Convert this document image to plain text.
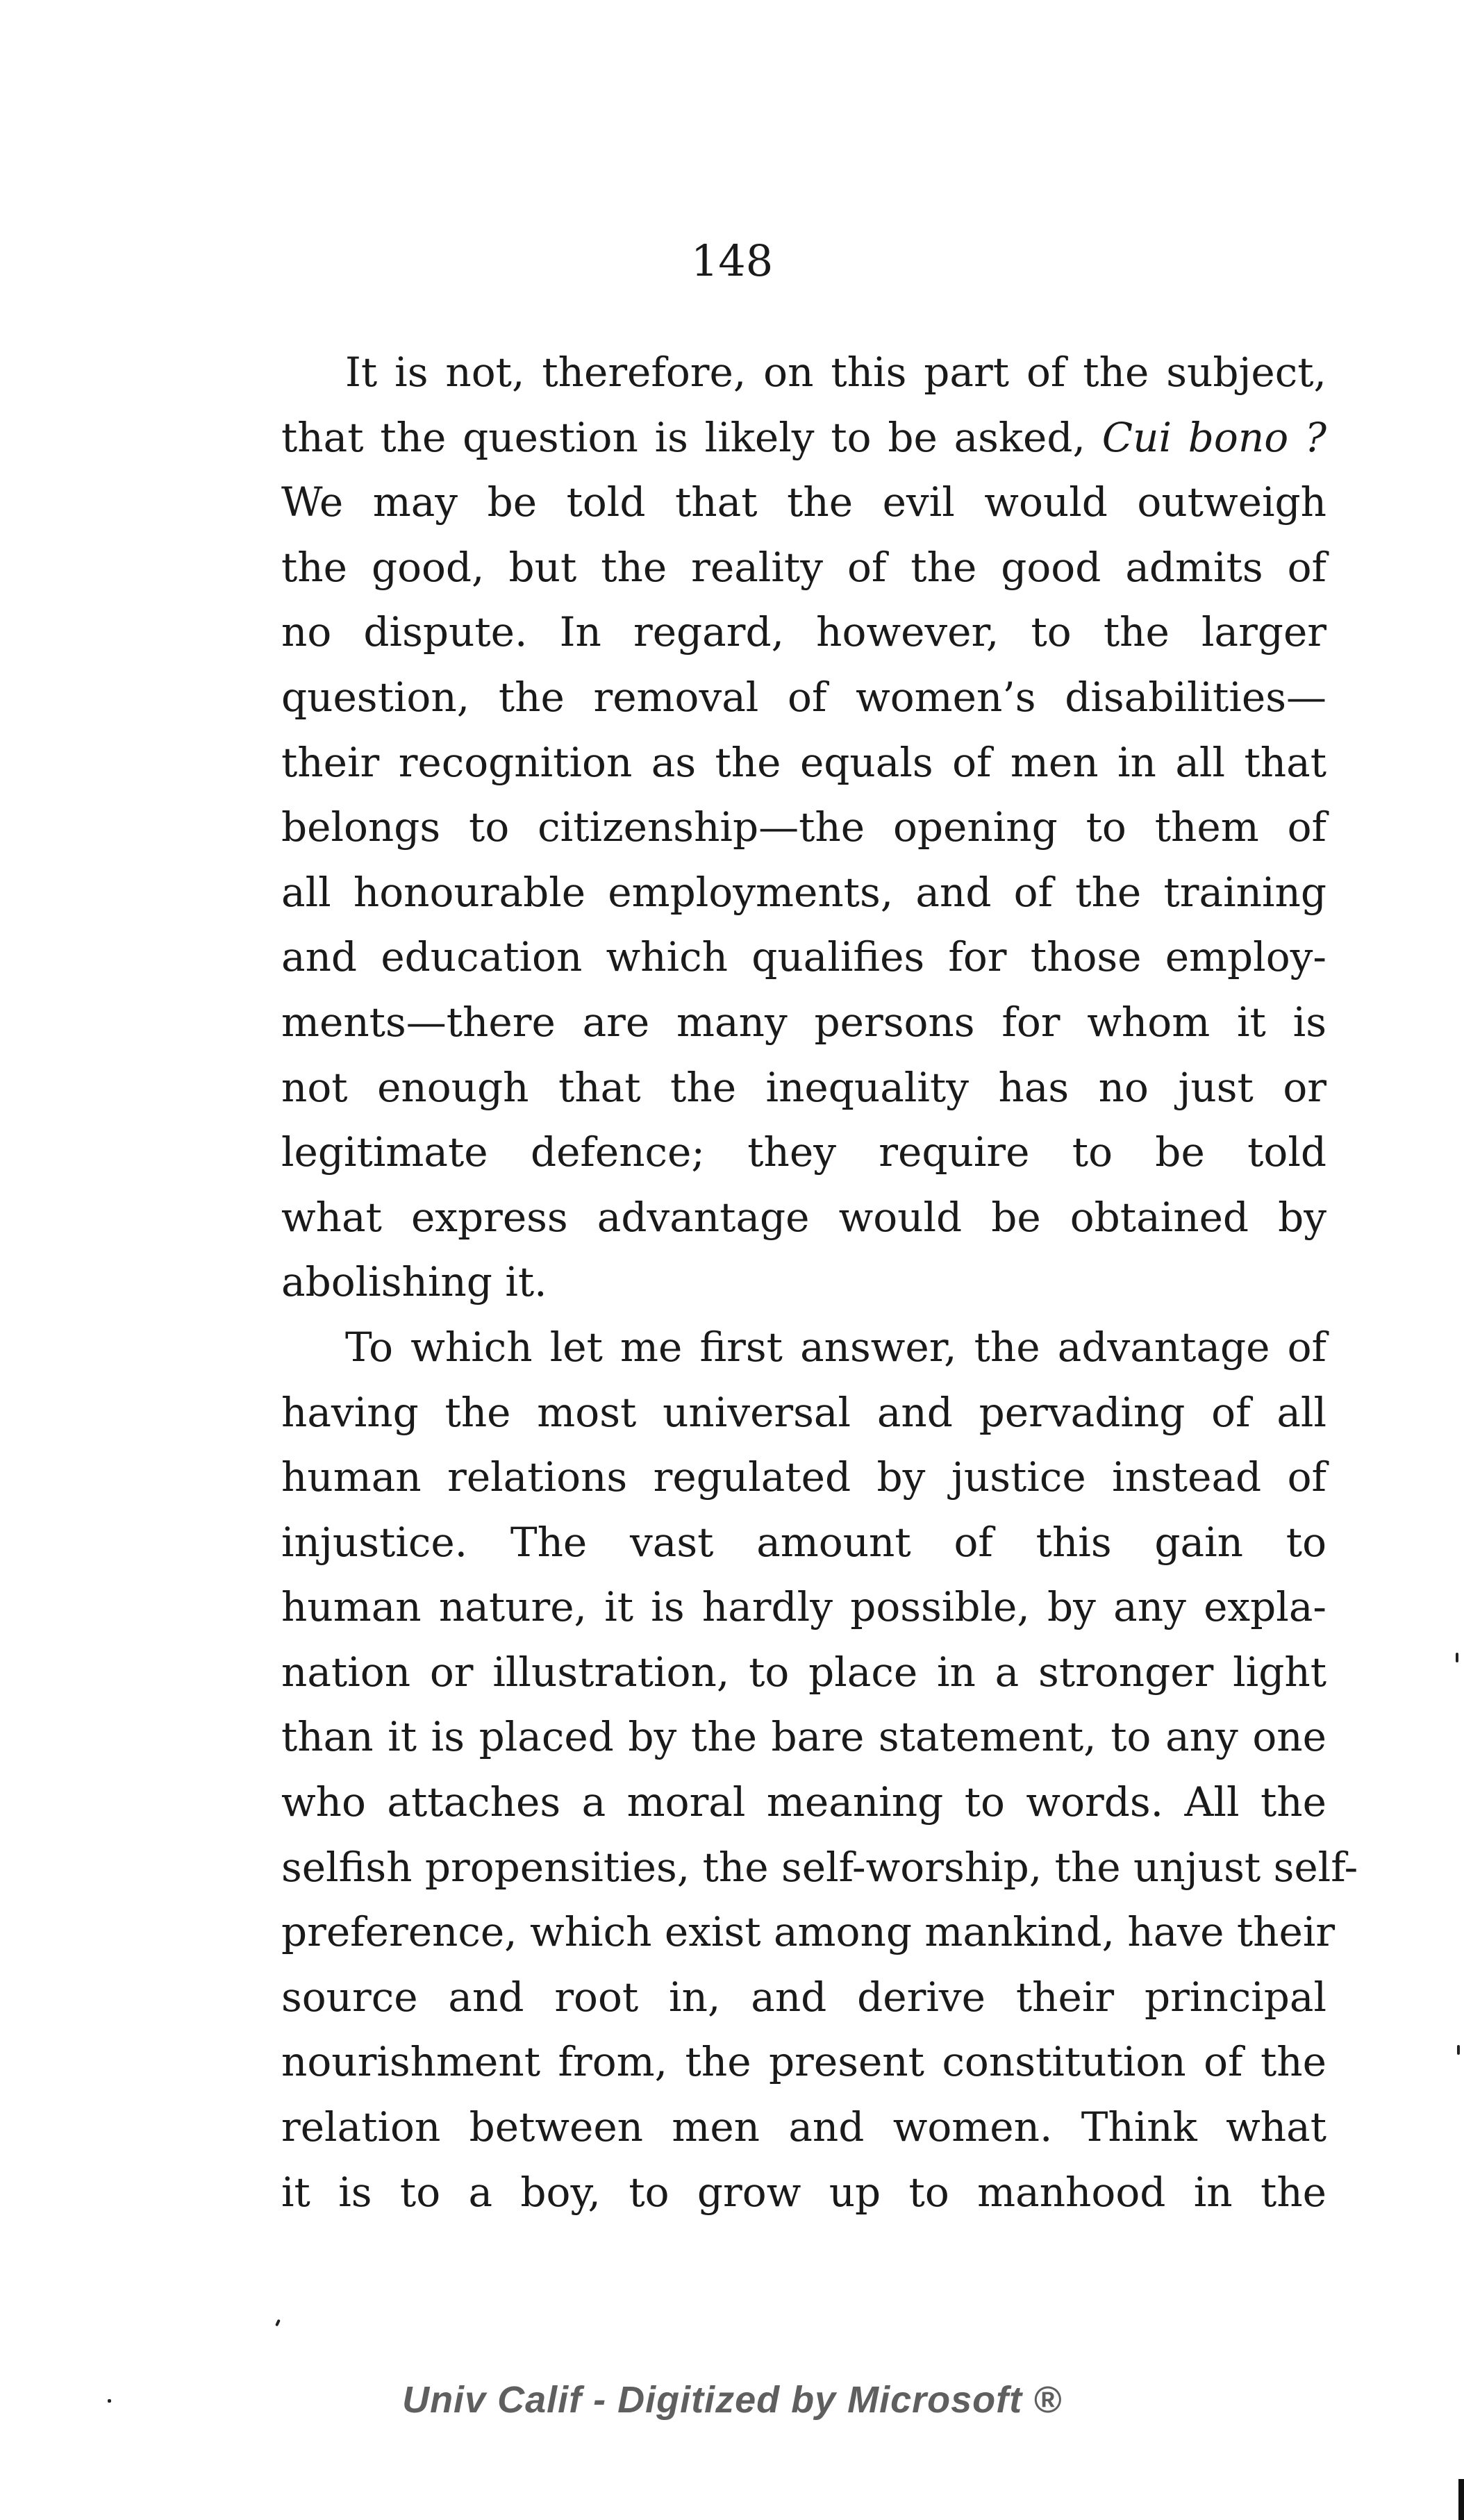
148
It is not, therefore, on this part of the subject,
that the question is likely to be asked, Cui bono ?
We may be told that the evil would outweigh
the good, but the reality of the good admits of
no dispute. In regard, however, to the larger
question, the removal of women’s disabilities—
their recognition as the equals of men in all that
belongs to citizenship—the opening to them of
all honourable employments, and of the training
and education which qualifies for those employ-
ments—there are many persons for whom it is
not enough that the inequality has no just or
legitimate defence; they require to be told
what express advantage would be obtained by
abolishing it.
To which let me first answer, the advantage of
having the most universal and pervading of all
human relations regulated by justice instead of
injustice. The vast amount of this gain to
human nature, it is hardly possible, by any expla-
nation or illustration, to place in a stronger light
than it is placed by the bare statement, to any one
who attaches a moral meaning to words. All the
selfish propensities, the self-worship, the unjust self-
preference, which exist among mankind, have their
source and root in, and derive their principal
nourishment from, the present constitution of the
relation between men and women. Think what
it is to a boy, to grow up to manhood in the
Univ Calif - Digitized by Microsoft ®
